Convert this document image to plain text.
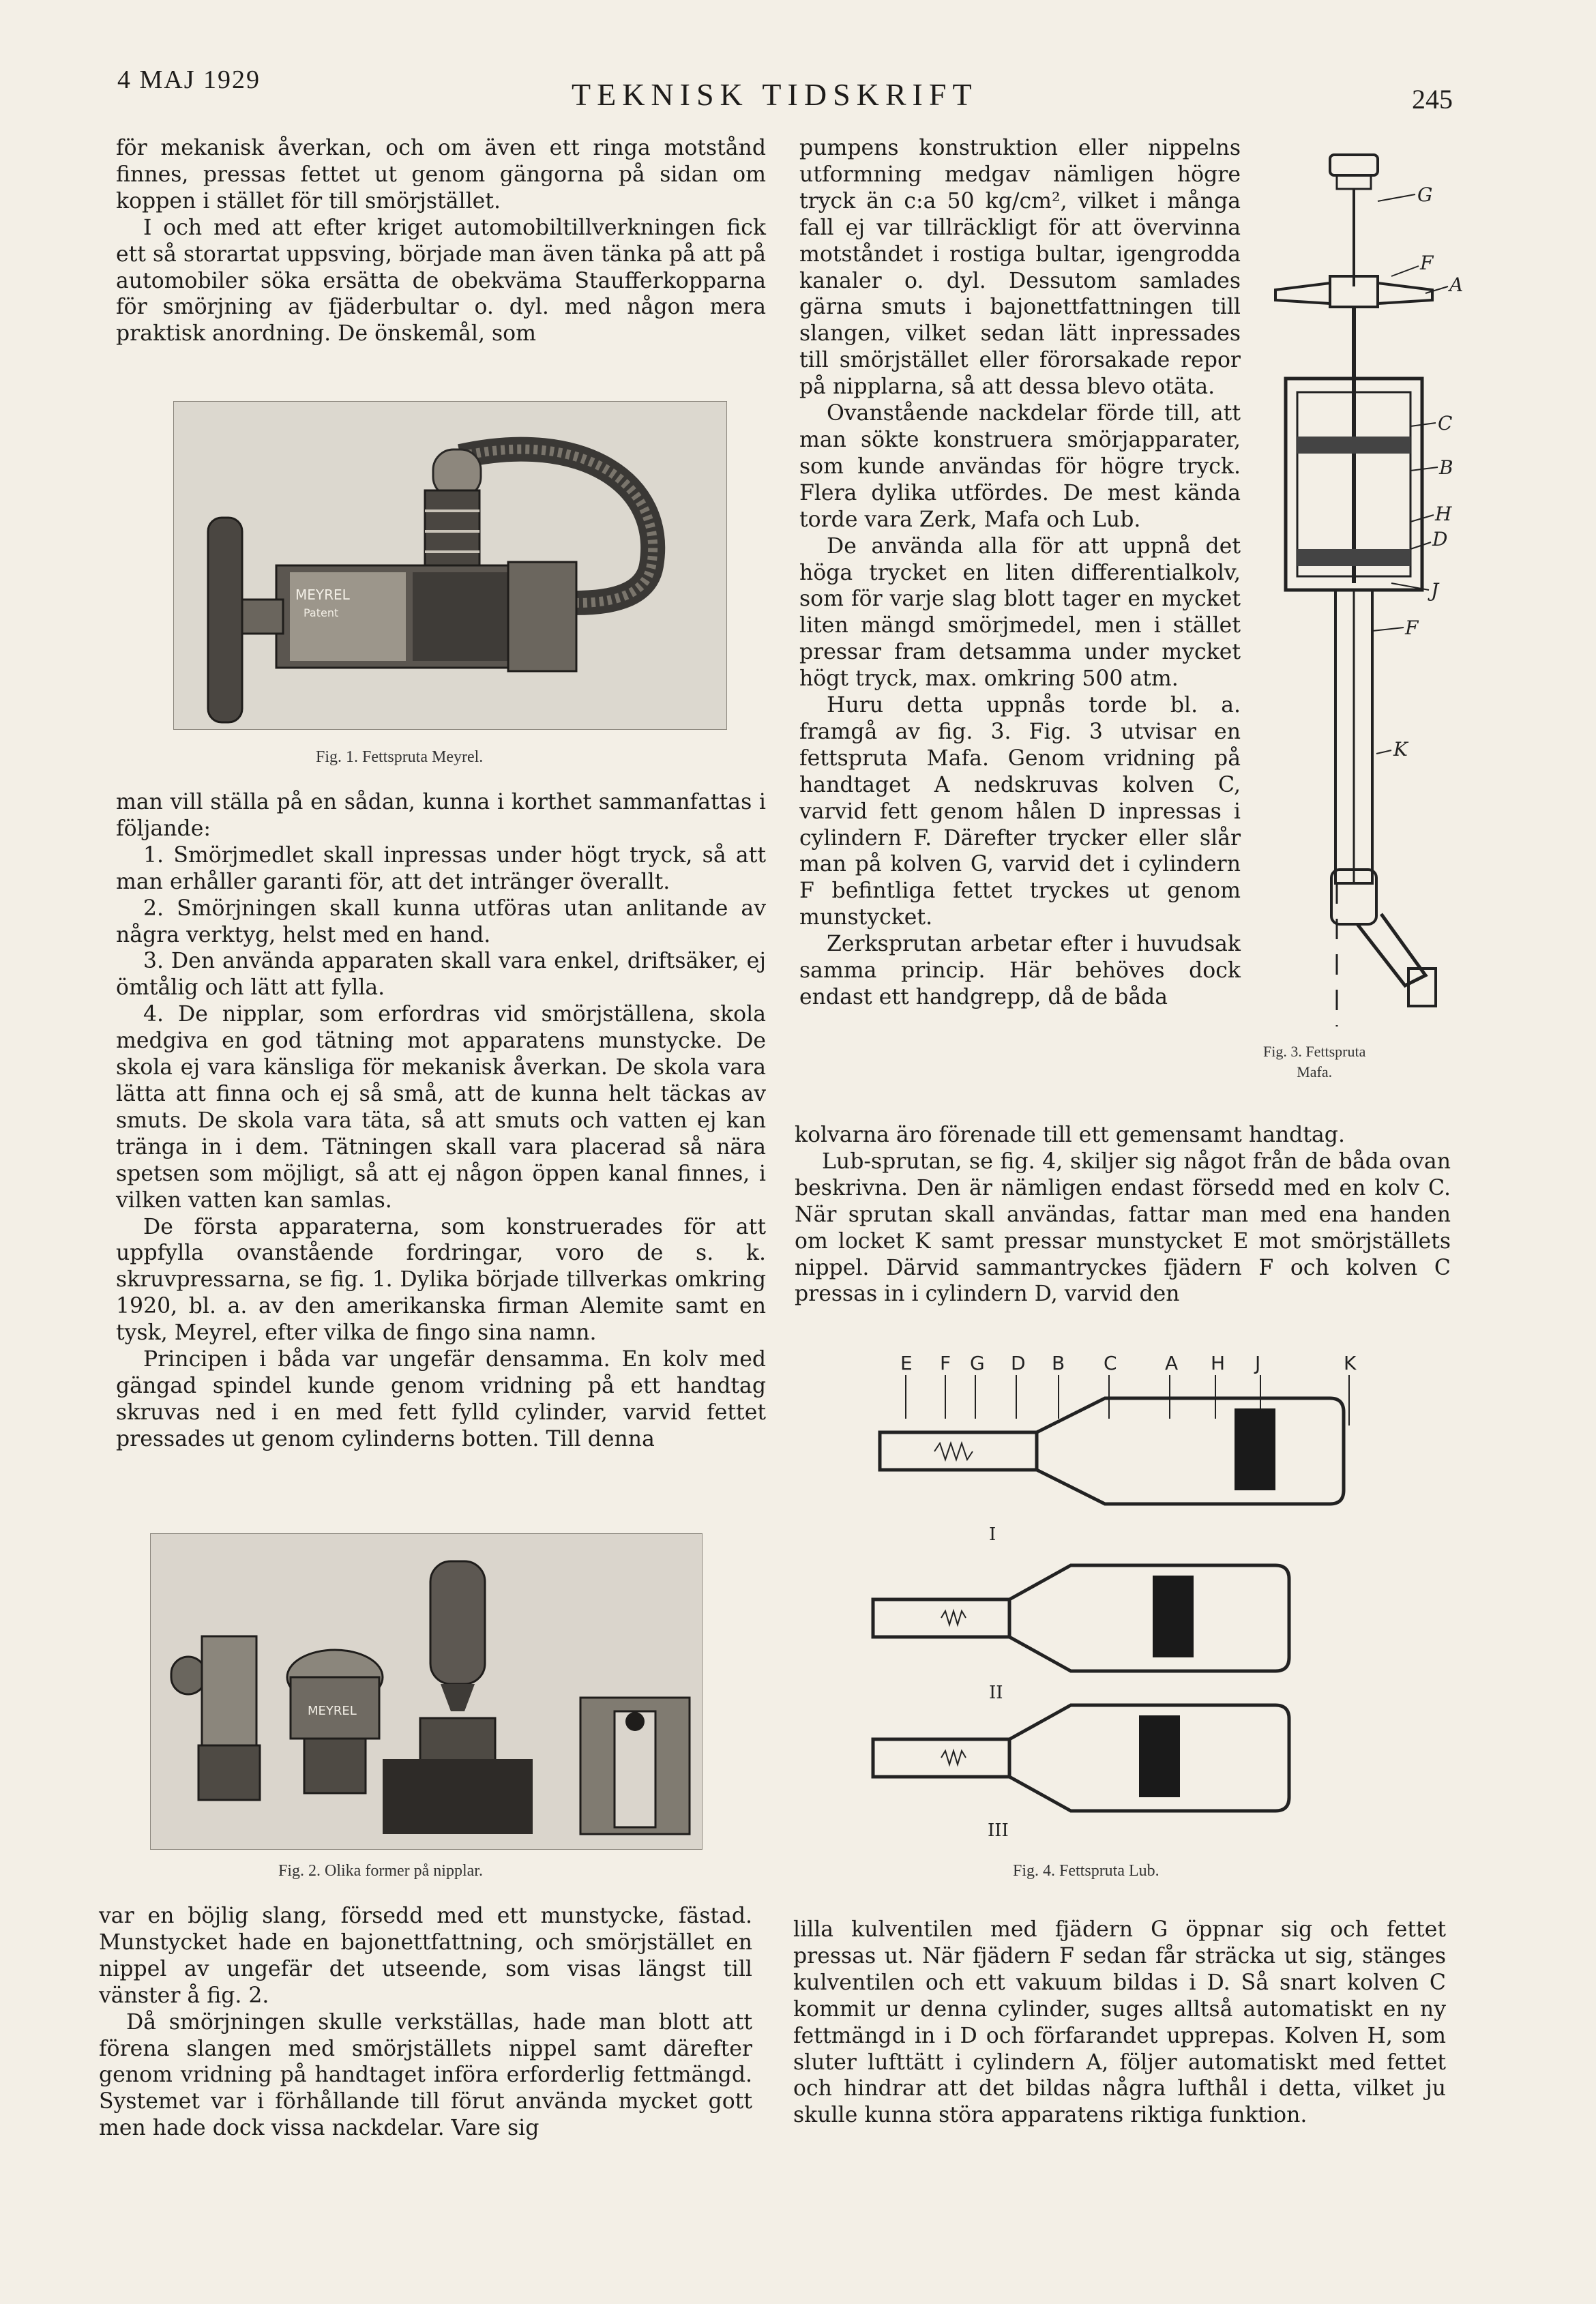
4 MAJ 1929	TEKNISK TIDSKRIFT	245

för mekanisk åverkan, och om även ett ringa motstånd finnes, pressas fettet ut genom gängorna på sidan om koppen i stället för till smörjstället.

I och med att efter kriget automobiltillverkningen fick ett så storartat uppsving, började man även tänka på att på automobiler söka ersätta de obekväma Staufferkopparna för smörjning av fjäderbultar o. dyl. med någon mera praktisk anordning. De önskemål, som

MEYREL
Patent
Fig. 1. Fettspruta Meyrel.

man vill ställa på en sådan, kunna i korthet sammanfattas i följande:

1. Smörjmedlet skall inpressas under högt tryck, så att man erhåller garanti för, att det intränger överallt.

2. Smörjningen skall kunna utföras utan anlitande av några verktyg, helst med en hand.

3. Den använda apparaten skall vara enkel, driftsäker, ej ömtålig och lätt att fylla.

4. De nipplar, som erfordras vid smörjställena, skola medgiva en god tätning mot apparatens munstycke. De skola ej vara känsliga för mekanisk åverkan. De skola vara lätta att finna och ej så små, att de kunna helt täckas av smuts. De skola vara täta, så att smuts och vatten ej kan tränga in i dem. Tätningen skall vara placerad så nära spetsen som möjligt, så att ej någon öppen kanal finnes, i vilken vatten kan samlas.

De första apparaterna, som konstruerades för att uppfylla ovanstående fordringar, voro de s. k. skruvpressarna, se fig. 1. Dylika började tillverkas omkring 1920, bl. a. av den amerikanska firman Alemite samt en tysk, Meyrel, efter vilka de fingo sina namn.

Principen i båda var ungefär densamma. En kolv med gängad spindel kunde genom vridning på ett handtag skruvas ned i en med fett fylld cylinder, varvid fettet pressades ut genom cylinderns botten. Till denna

pumpens konstruktion eller nippelns utformning medgav nämligen högre tryck än c:a 50 kg/cm², vilket i många fall ej var tillräckligt för att övervinna motståndet i rostiga bultar, igengrodda kanaler o. dyl. Dessutom samlades gärna smuts i bajonettfattningen till slangen, vilket sedan lätt inpressades till smörjstället eller förorsakade repor på nipplarna, så att dessa blevo otäta.

Ovanstående nackdelar förde till, att man sökte konstruera smörjapparater, som kunde användas för högre tryck. Flera dylika utfördes. De mest kända torde vara Zerk, Mafa och Lub.

De använda alla för att uppnå det höga trycket en liten differentialkolv, som för varje slag blott tager en mycket liten mängd smörjmedel, men i stället pressar fram detsamma under mycket högt tryck, max. omkring 500 atm.

Huru detta uppnås torde bl. a. framgå av fig. 3. Fig. 3 utvisar en fettspruta Mafa. Genom vridning på handtaget A nedskruvas kolven C, varvid fett genom hålen D inpressas i cylindern F. Därefter trycker eller slår man på kolven G, varvid det i cylindern F befintliga fettet tryckes ut genom munstycket.

Zerksprutan arbetar efter i huvudsak samma princip. Här behöves dock endast ett handgrepp, då de båda

G
F
A
C
B
H
D
J
F
K
Fig. 3. Fettspruta
Mafa.

kolvarna äro förenade till ett gemensamt handtag.

Lub-sprutan, se fig. 4, skiljer sig något från de båda ovan beskrivna. Den är nämligen endast försedd med en kolv C. När sprutan skall användas, fattar man med ena handen om locket K samt pressar munstycket E mot smörjställets nippel. Därvid sammantryckes fjädern F och kolven C pressas in i cylindern D, varvid den

E F G D B C	A H J	K
I
II
III
Fig. 4. Fettspruta Lub.
MEYREL
Fig. 2. Olika former på nipplar.

var en böjlig slang, försedd med ett munstycke, fästad. Munstycket hade en bajonettfattning, och smörjstället en nippel av ungefär det utseende, som visas längst till vänster å fig. 2.

Då smörjningen skulle verkställas, hade man blott att förena slangen med smörjställets nippel samt därefter genom vridning på handtaget införa erforderlig fettmängd. Systemet var i förhållande till förut använda mycket gott men hade dock vissa nackdelar. Vare sig

lilla kulventilen med fjädern G öppnar sig och fettet pressas ut. När fjädern F sedan får sträcka ut sig, stänges kulventilen och ett vakuum bildas i D. Så snart kolven C kommit ur denna cylinder, suges alltså automatiskt en ny fettmängd in i D och förfarandet upprepas. Kolven H, som sluter lufttätt i cylindern A, följer automatiskt med fettet och hindrar att det bildas några lufthål i detta, vilket ju skulle kunna störa apparatens riktiga funktion.
